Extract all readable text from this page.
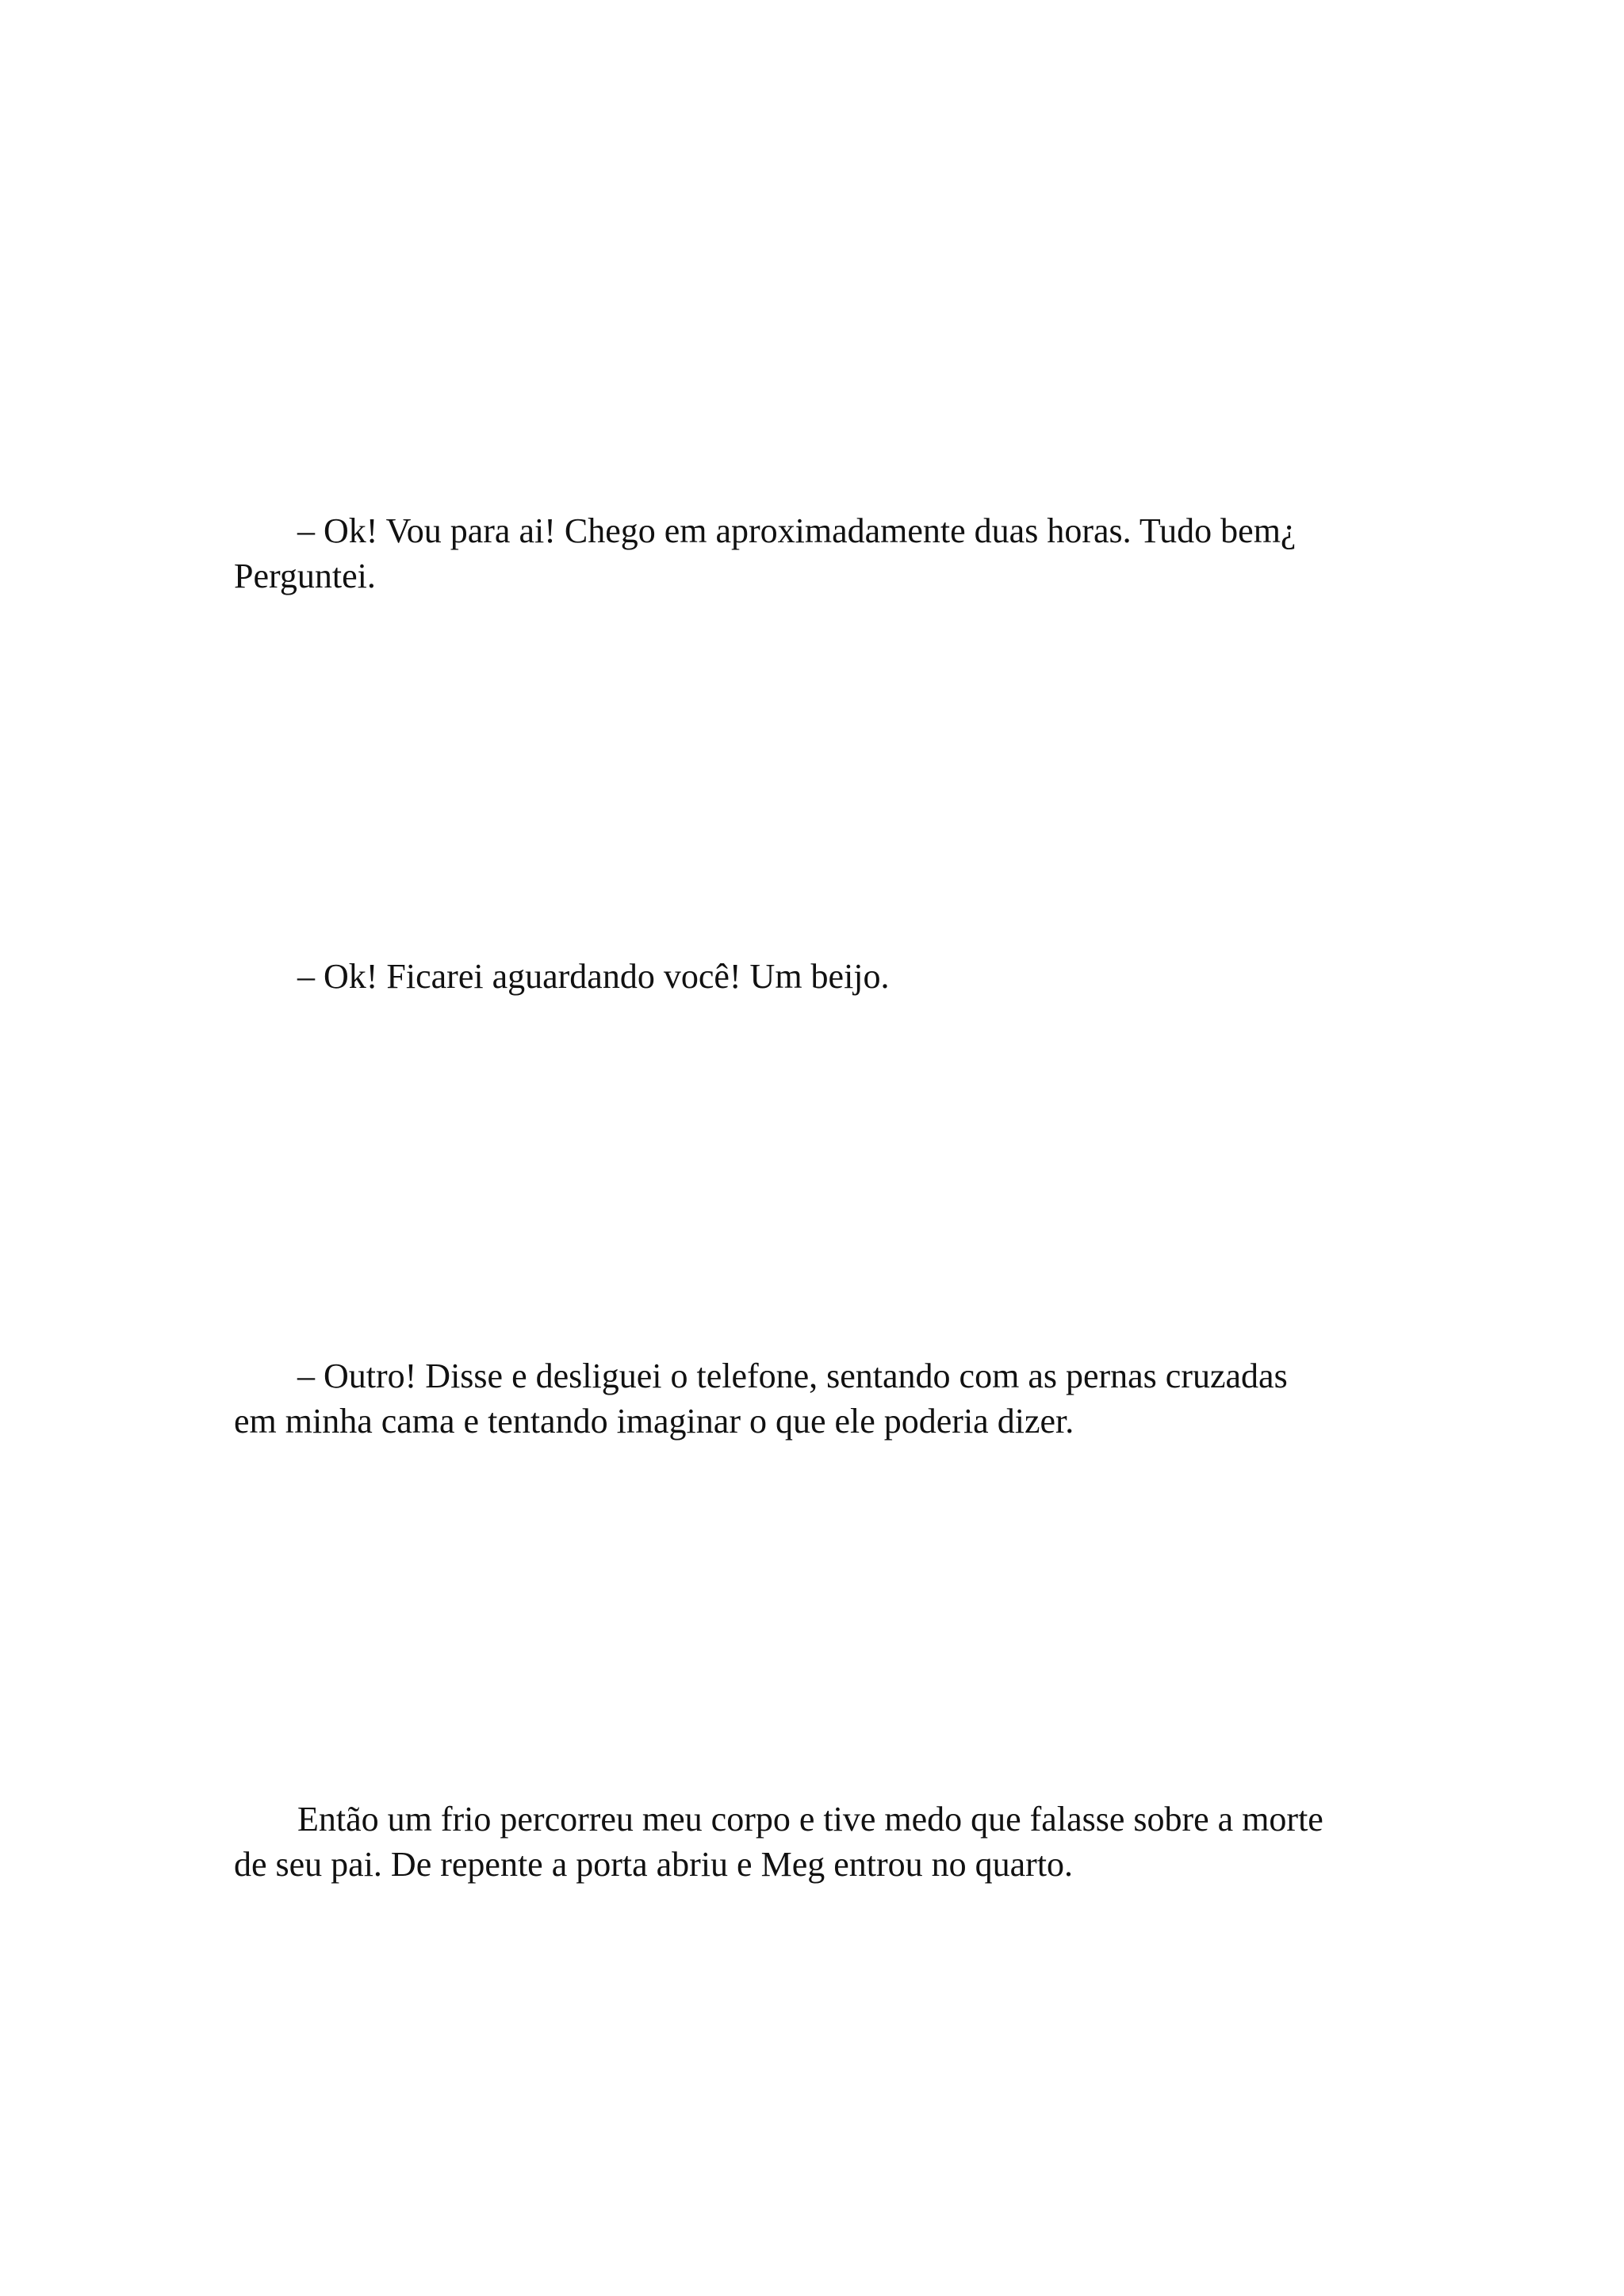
– Ok! Vou para ai! Chego em aproximadamente duas horas. Tudo bem¿
Perguntei.

– Ok! Ficarei aguardando você! Um beijo.

– Outro! Disse e desliguei o telefone, sentando com as pernas cruzadas
em minha cama e tentando imaginar o que ele poderia dizer.

Então um frio percorreu meu corpo e tive medo que falasse sobre a morte
de seu pai. De repente a porta abriu e Meg entrou no quarto.
